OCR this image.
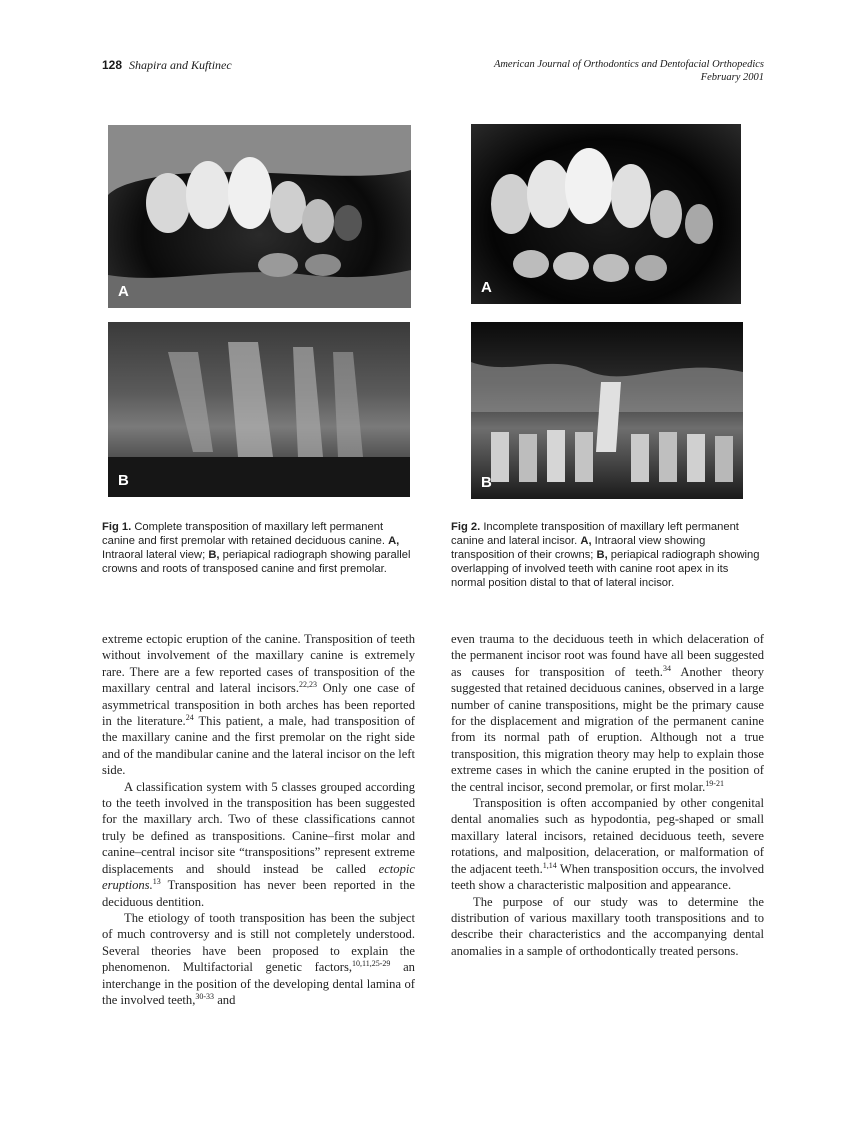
128 Shapira and Kuftinec	American Journal of Orthodontics and Dentofacial Orthopedics
February 2001
A
B
A
B
Fig 1. Complete transposition of maxillary left permanent canine and first premolar with retained deciduous canine. A, Intraoral lateral view; B, periapical radiograph showing parallel crowns and roots of transposed canine and first premolar.
Fig 2. Incomplete transposition of maxillary left permanent canine and lateral incisor. A, Intraoral view showing transposition of their crowns; B, periapical radiograph showing overlapping of involved teeth with canine root apex in its normal position distal to that of lateral incisor.

extreme ectopic eruption of the canine. Transposition of teeth without involvement of the maxillary canine is extremely rare. There are a few reported cases of transposition of the maxillary central and lateral incisors.$^{22,23}$ Only one case of asymmetrical transposition in both arches has been reported in the literature.$^{24}$ This patient, a male, had transposition of the maxillary canine and the first premolar on the right side and of the mandibular canine and the lateral incisor on the left side.

A classification system with 5 classes grouped according to the teeth involved in the transposition has been suggested for the maxillary arch. Two of these classifications cannot truly be defined as transpositions. Canine–first molar and canine–central incisor site “transpositions” represent extreme displacements and should instead be called ectopic eruptions.$^{13}$ Transposition has never been reported in the deciduous dentition.

The etiology of tooth transposition has been the subject of much controversy and is still not completely understood. Several theories have been proposed to explain the phenomenon. Multifactorial genetic factors,$^{10,11,25-29}$ an interchange in the position of the developing dental lamina of the involved teeth,$^{30-33}$ and

even trauma to the deciduous teeth in which delaceration of the permanent incisor root was found have all been suggested as causes for transposition of teeth.$^{34}$ Another theory suggested that retained deciduous canines, observed in a large number of canine transpositions, might be the primary cause for the displacement and migration of the permanent canine from its normal path of eruption. Although not a true transposition, this migration theory may help to explain those extreme cases in which the canine erupted in the position of the central incisor, second premolar, or first molar.$^{19-21}$

Transposition is often accompanied by other congenital dental anomalies such as hypodontia, peg-shaped or small maxillary lateral incisors, retained deciduous teeth, severe rotations, and malposition, delaceration, or malformation of the adjacent teeth.$^{1,14}$ When transposition occurs, the involved teeth show a characteristic malposition and appearance.

The purpose of our study was to determine the distribution of various maxillary tooth transpositions and to describe their characteristics and the accompanying dental anomalies in a sample of orthodontically treated persons.
